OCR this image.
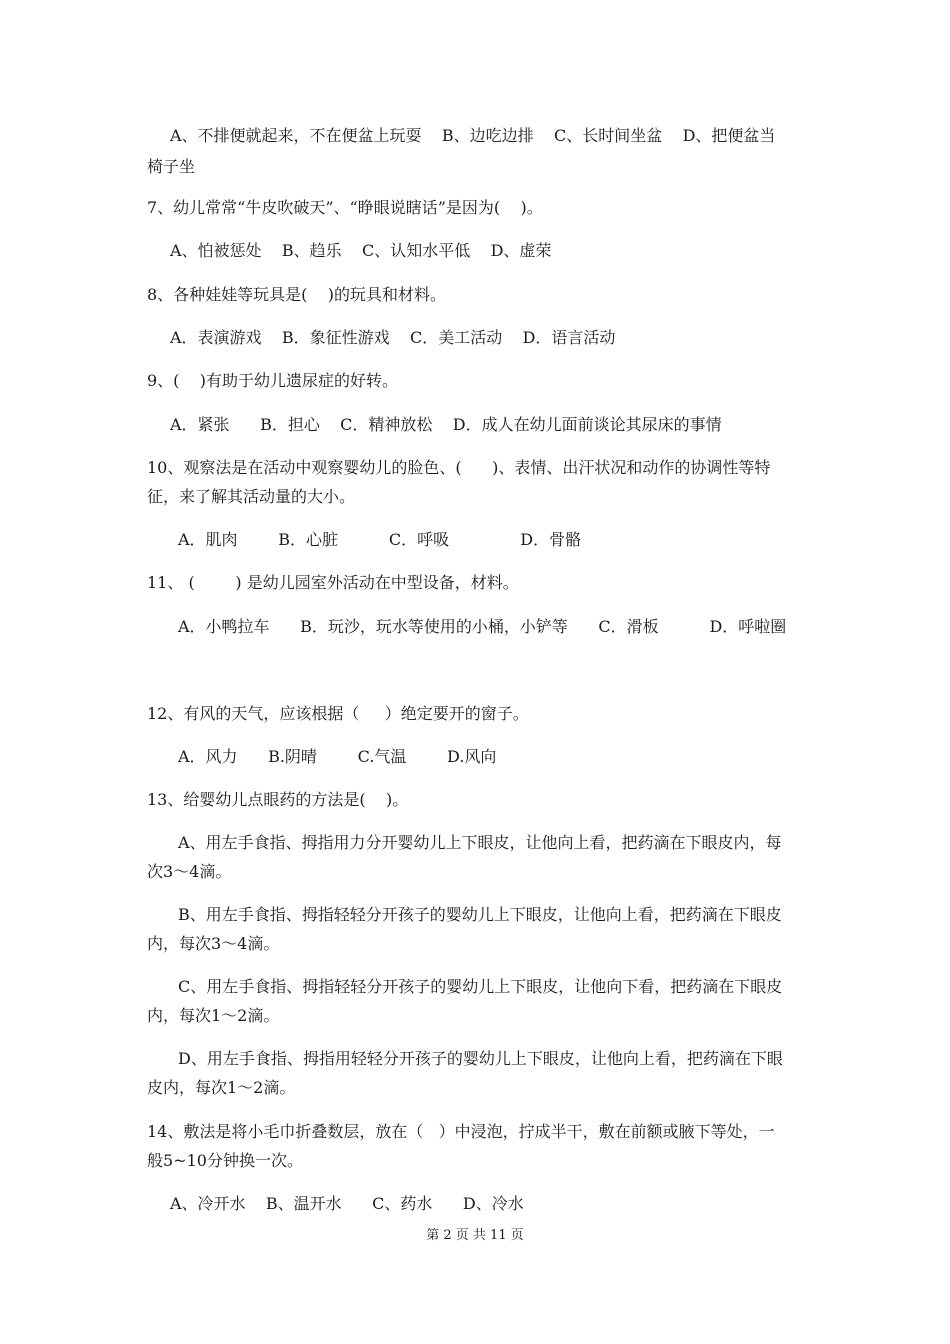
A、不排便就起来，不在便盆上玩耍    B、边吃边排    C、长时间坐盆    D、把便盆当

椅子坐

7、幼儿常常“牛皮吹破天”、“睁眼说瞎话”是因为(    )。

A、怕被惩处    B、趋乐    C、认知水平低    D、虚荣

8、各种娃娃等玩具是(    )的玩具和材料。

A．表演游戏    B．象征性游戏    C．美工活动    D．语言活动

9、(    )有助于幼儿遗尿症的好转。

A．紧张      B．担心    C．精神放松    D．成人在幼儿面前谈论其尿床的事情

10、观察法是在活动中观察婴幼儿的脸色、(      )、表情、出汗状况和动作的协调性等特

征，来了解其活动量的大小。

A．肌肉        B．心脏          C．呼吸              D．骨骼

11、 (        ) 是幼儿园室外活动在中型设备，材料。

A．小鸭拉车      B．玩沙，玩水等使用的小桶，小铲等      C．滑板          D．呼啦圈

12、有风的天气，应该根据（     ）绝定要开的窗子。

A．风力      B.阴晴        C.气温        D.风向

13、给婴幼儿点眼药的方法是(    )。

A、用左手食指、拇指用力分开婴幼儿上下眼皮，让他向上看，把药滴在下眼皮内，每

次3～4滴。

B、用左手食指、拇指轻轻分开孩子的婴幼儿上下眼皮，让他向上看，把药滴在下眼皮

内，每次3～4滴。

C、用左手食指、拇指轻轻分开孩子的婴幼儿上下眼皮，让他向下看，把药滴在下眼皮

内，每次1～2滴。

D、用左手食指、拇指用轻轻分开孩子的婴幼儿上下眼皮，让他向上看，把药滴在下眼

皮内，每次1～2滴。

14、敷法是将小毛巾折叠数层，放在（   ）中浸泡，拧成半干，敷在前额或腋下等处，一

般5~10分钟换一次。

A、冷开水    B、温开水      C、药水      D、冷水

第 2 页 共 11 页
